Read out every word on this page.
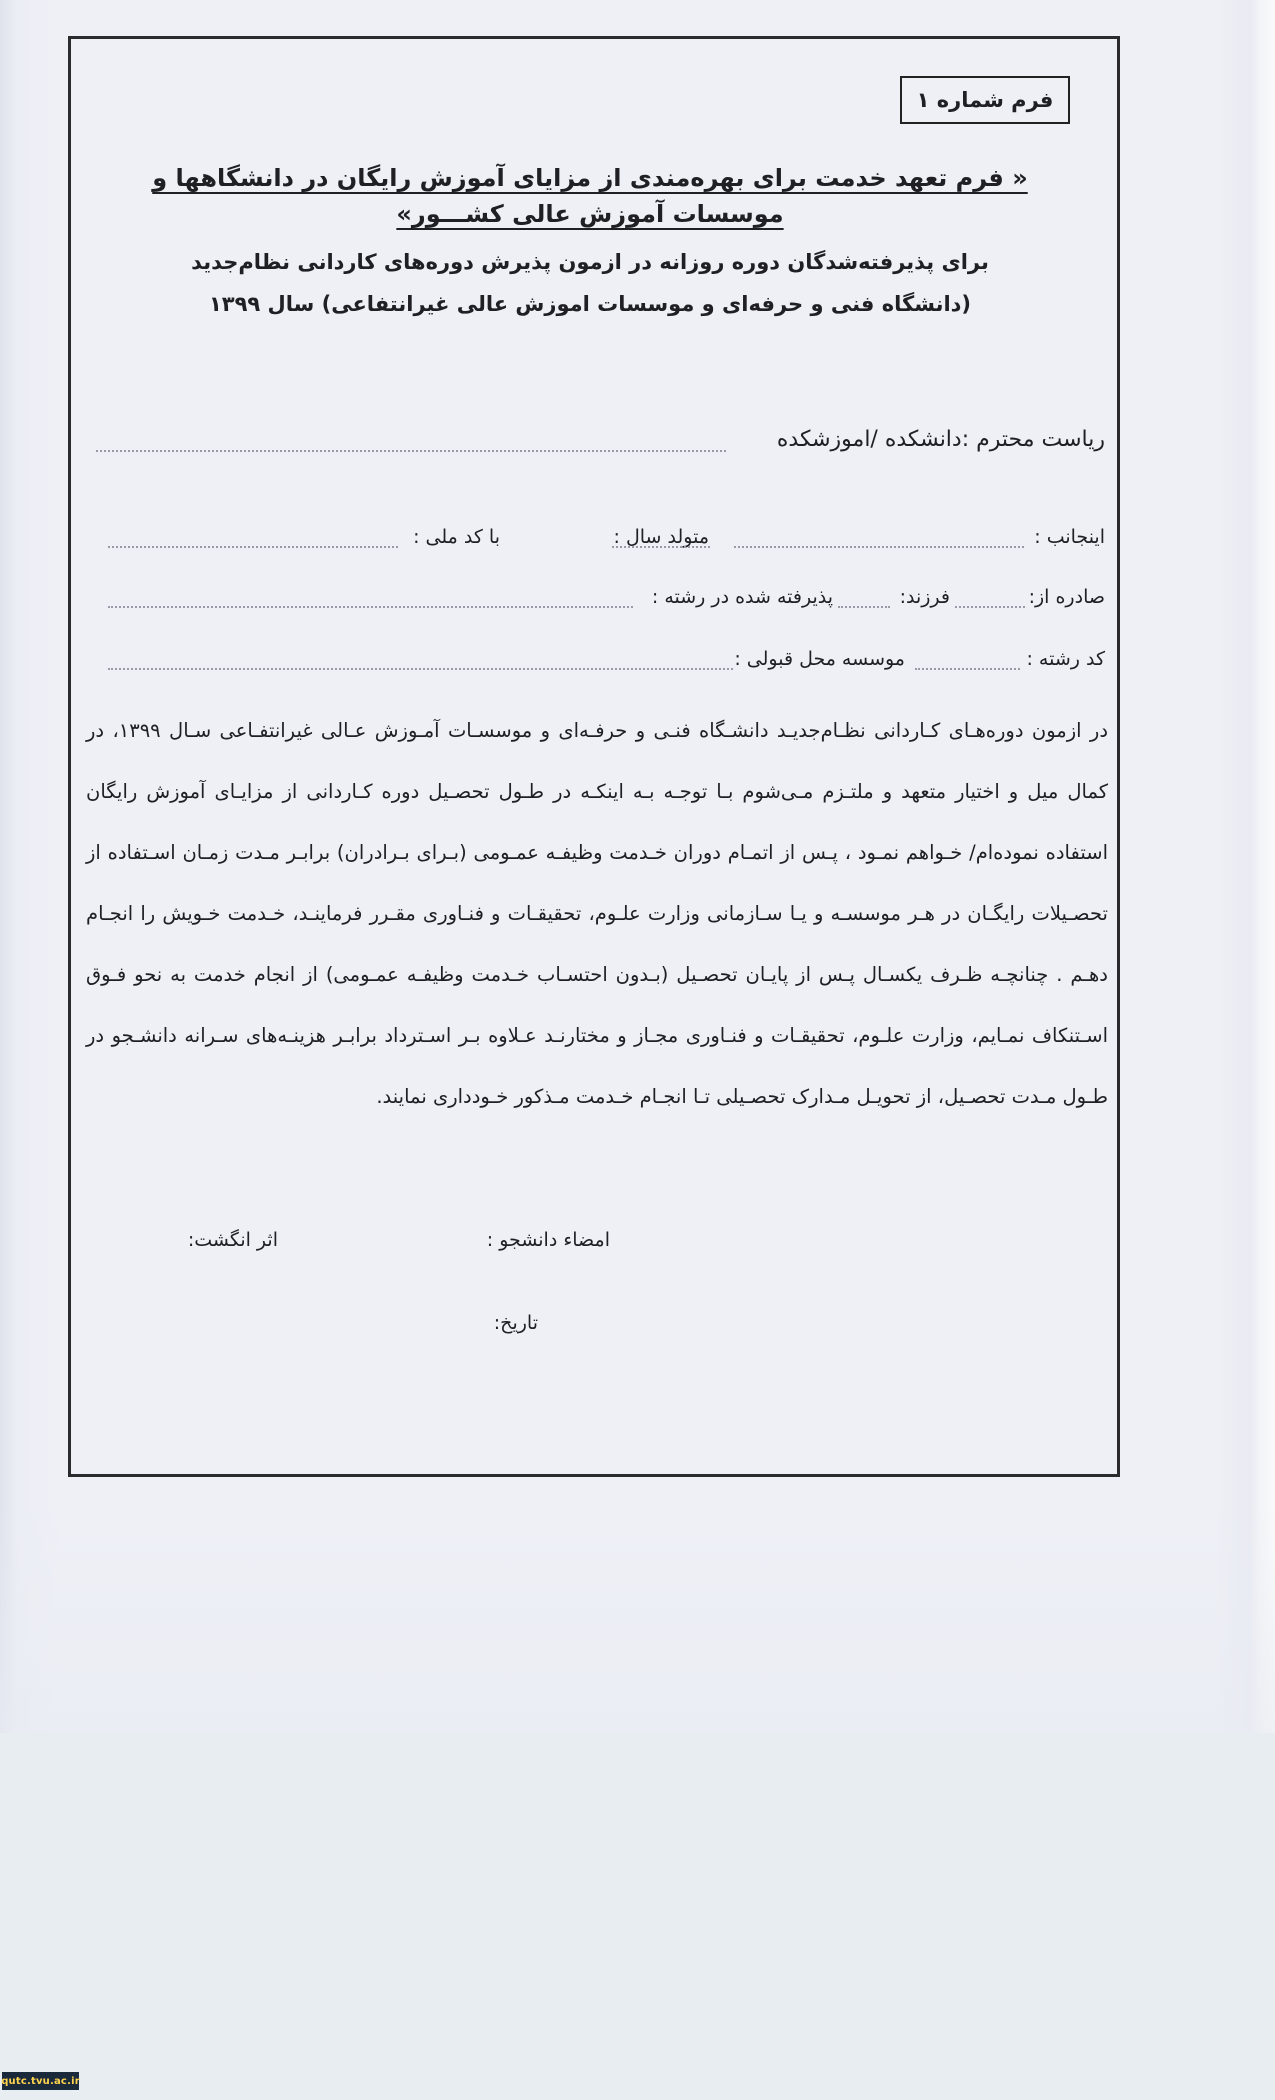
فرم شماره ۱
« فرم تعهد خدمت برای بهره‌مندی از مزایای آموزش رایگان در دانشگاهها و موسسات آموزش عالی کشـــور»
برای پذیرفته‌شدگان دوره روزانه در ازمون پذیرش دوره‌های کاردانی نظام‌جدید
(دانشگاه فنی و حرفه‌ای و موسسات اموزش عالی غیرانتفاعی) سال ۱۳۹۹
ریاست محترم :دانشکده /اموزشکده
اینجانب :
متولد سال :
با کد ملی :
صادره از:
فرزند:
پذیرفته شده در رشته :
کد رشته :
موسسه محل قبولی :
در ازمون دوره‌هـای کـاردانی نظـام‌جدیـد دانشـگاه فنـی و حرفـه‌ای و موسسـات آمـوزش عـالی غیرانتفـاعی سـال ۱۳۹۹، در کمال میل و اختیار متعهد و ملتـزم مـی‌شوم بـا توجـه بـه اینکـه در طـول تحصـیل دوره کـاردانی از مزایـای آموزش رایگان استفاده نموده‌ام/ خـواهم نمـود ، پـس از اتمـام دوران خـدمت وظیفـه عمـومی (بـرای بـرادران) برابـر مـدت زمـان اسـتفاده از تحصـیلات رایگـان در هـر موسسـه و یـا سـازمانی وزارت علـوم، تحقیقـات و فنـاوری مقـرر فرماینـد، خـدمت خـویش را انجـام دهـم . چنانچـه ظـرف یکسـال پـس از پایـان تحصـیل (بـدون احتسـاب خـدمت وظیفـه عمـومی) از انجام خدمت به نحو فـوق اسـتنکاف نمـایم، وزارت علـوم، تحقیقـات و فنـاوری مجـاز و مختارنـد عـلاوه بـر اسـترداد برابـر هزینـه‌های سـرانه دانشـجو در طـول مـدت تحصـیل، از تحویـل مـدارک تحصـیلی تـا انجـام خـدمت مـذکور خـودداری نمایند.
امضاء دانشجو :
اثر انگشت:
تاریخ:
qutc.tvu.ac.ir
